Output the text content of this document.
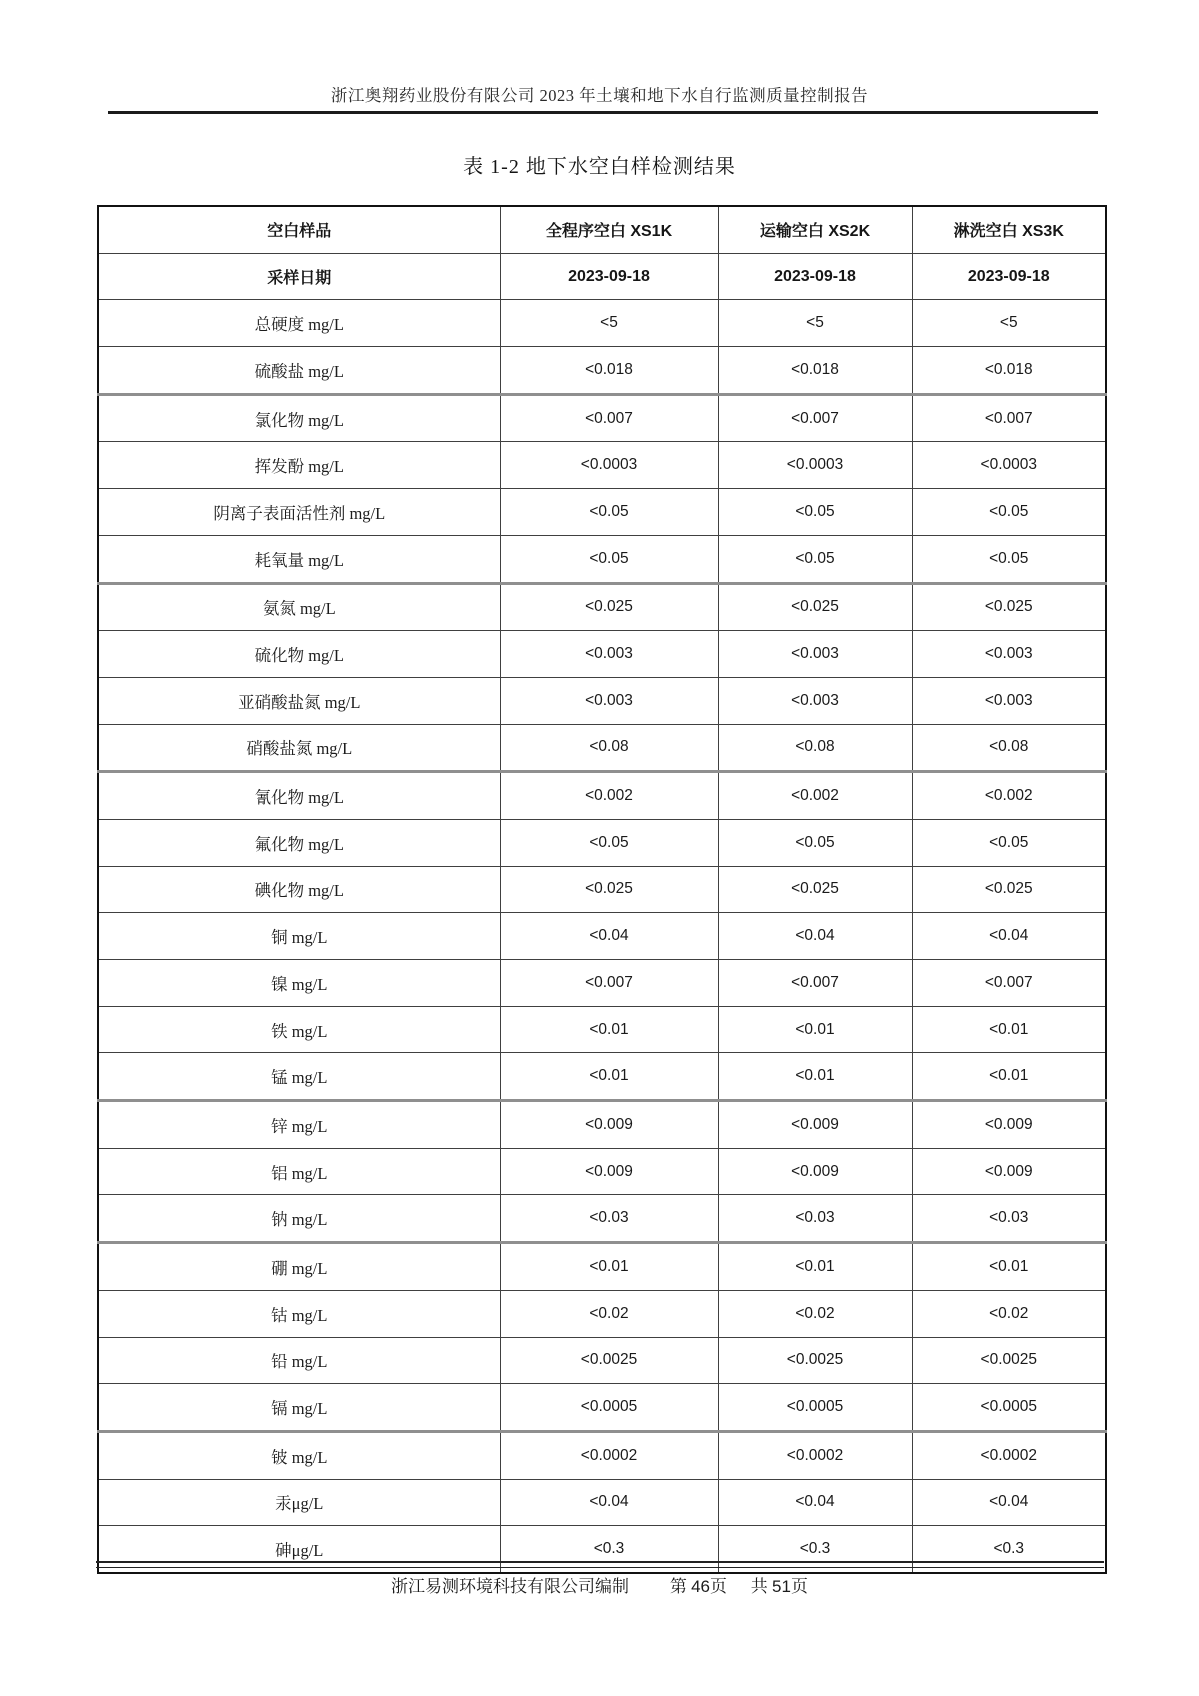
浙江奥翔药业股份有限公司 2023 年土壤和地下水自行监测质量控制报告
表 1-2 地下水空白样检测结果
空白样品	全程序空白 XS1K	运输空白 XS2K	淋洗空白 XS3K
采样日期	2023-09-18	2023-09-18	2023-09-18
总硬度 mg/L	<5	<5	<5
硫酸盐 mg/L	<0.018	<0.018	<0.018
氯化物 mg/L	<0.007	<0.007	<0.007
挥发酚 mg/L	<0.0003	<0.0003	<0.0003
阴离子表面活性剂 mg/L	<0.05	<0.05	<0.05
耗氧量 mg/L	<0.05	<0.05	<0.05
氨氮 mg/L	<0.025	<0.025	<0.025
硫化物 mg/L	<0.003	<0.003	<0.003
亚硝酸盐氮 mg/L	<0.003	<0.003	<0.003
硝酸盐氮 mg/L	<0.08	<0.08	<0.08
氰化物 mg/L	<0.002	<0.002	<0.002
氟化物 mg/L	<0.05	<0.05	<0.05
碘化物 mg/L	<0.025	<0.025	<0.025
铜 mg/L	<0.04	<0.04	<0.04
镍 mg/L	<0.007	<0.007	<0.007
铁 mg/L	<0.01	<0.01	<0.01
锰 mg/L	<0.01	<0.01	<0.01
锌 mg/L	<0.009	<0.009	<0.009
铝 mg/L	<0.009	<0.009	<0.009
钠 mg/L	<0.03	<0.03	<0.03
硼 mg/L	<0.01	<0.01	<0.01
钴 mg/L	<0.02	<0.02	<0.02
铅 mg/L	<0.0025	<0.0025	<0.0025
镉 mg/L	<0.0005	<0.0005	<0.0005
铍 mg/L	<0.0002	<0.0002	<0.0002
汞μg/L	<0.04	<0.04	<0.04
砷μg/L	<0.3	<0.3	<0.3
浙江易测环境科技有限公司编制 第 46页 共 51页
